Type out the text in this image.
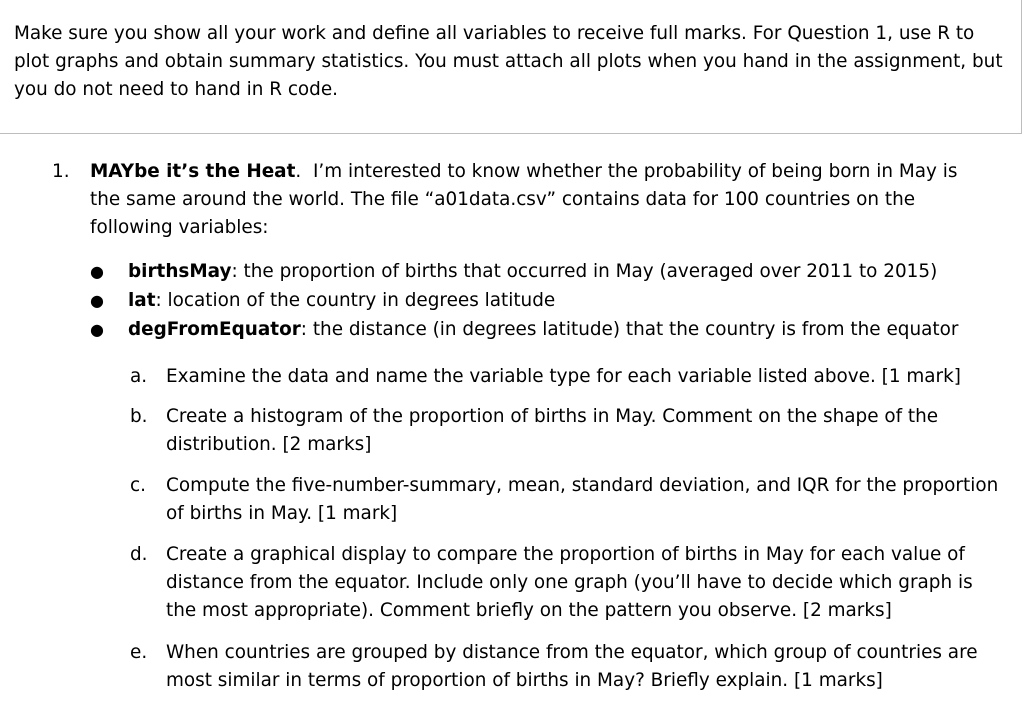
Make sure you show all your work and define all variables to receive full marks. For Question 1, use R to plot graphs and obtain summary statistics. You must attach all plots when you hand in the assignment, but you do not need to hand in R code.
1. MAYbe it’s the Heat. I’m interested to know whether the probability of being born in May is the same around the world. The file “a01data.csv” contains data for 100 countries on the following variables:
● birthsMay: the proportion of births that occurred in May (averaged over 2011 to 2015)
● lat: location of the country in degrees latitude
● degFromEquator: the distance (in degrees latitude) that the country is from the equator
a. Examine the data and name the variable type for each variable listed above. [1 mark]
b. Create a histogram of the proportion of births in May. Comment on the shape of the distribution. [2 marks]
c. Compute the five-number-summary, mean, standard deviation, and IQR for the proportion of births in May. [1 mark]
d. Create a graphical display to compare the proportion of births in May for each value of distance from the equator. Include only one graph (you’ll have to decide which graph is the most appropriate). Comment briefly on the pattern you observe. [2 marks]
e. When countries are grouped by distance from the equator, which group of countries are most similar in terms of proportion of births in May? Briefly explain. [1 marks]
